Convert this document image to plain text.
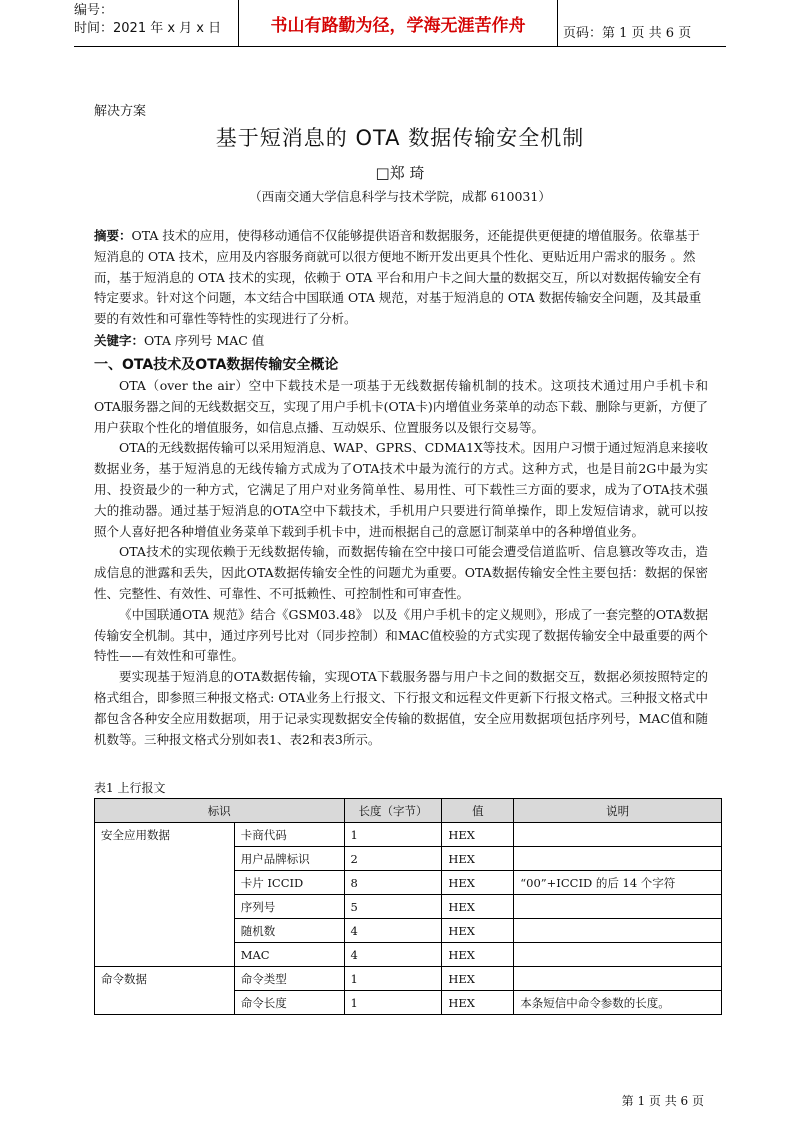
编号：
时间：2021 年 x 月 x 日	书山有路勤为径，学海无涯苦作舟	页码：第 1 页 共 6 页
解决方案
基于短消息的 OTA 数据传输安全机制
□郑 琦
（西南交通大学信息科学与技术学院，成都 610031）
摘要：OTA 技术的应用，使得移动通信不仅能够提供语音和数据服务，还能提供更便捷的增值服务。依靠基于短消息的 OTA 技术，应用及内容服务商就可以很方便地不断开发出更具个性化、更贴近用户需求的服务 。然而，基于短消息的 OTA 技术的实现，依赖于 OTA 平台和用户卡之间大量的数据交互，所以对数据传输安全有特定要求。针对这个问题，本文结合中国联通 OTA 规范，对基于短消息的 OTA 数据传输安全问题，及其最重要的有效性和可靠性等特性的实现进行了分析。
关键字：OTA 序列号 MAC 值
一、OTA技术及OTA数据传输安全概论

OTA（over the air）空中下载技术是一项基于无线数据传输机制的技术。这项技术通过用户手机卡和OTA服务器之间的无线数据交互，实现了用户手机卡(OTA卡)内增值业务菜单的动态下载、删除与更新，方便了用户获取个性化的增值服务，如信息点播、互动娱乐、位置服务以及银行交易等。

OTA的无线数据传输可以采用短消息、WAP、GPRS、CDMA1X等技术。因用户习惯于通过短消息来接收数据业务，基于短消息的无线传输方式成为了OTA技术中最为流行的方式。这种方式，也是目前2G中最为实用、投资最少的一种方式，它满足了用户对业务简单性、易用性、可下载性三方面的要求，成为了OTA技术强大的推动器。通过基于短消息的OTA空中下载技术，手机用户只要进行简单操作，即上发短信请求，就可以按照个人喜好把各种增值业务菜单下载到手机卡中，进而根据自己的意愿订制菜单中的各种增值业务。

OTA技术的实现依赖于无线数据传输，而数据传输在空中接口可能会遭受信道监听、信息篡改等攻击，造成信息的泄露和丢失，因此OTA数据传输安全性的问题尤为重要。OTA数据传输安全性主要包括：数据的保密性、完整性、有效性、可靠性、不可抵赖性、可控制性和可审查性。

《中国联通OTA 规范》结合《GSM03.48》 以及《用户手机卡的定义规则》，形成了一套完整的OTA数据传输安全机制。其中，通过序列号比对（同步控制）和MAC值校验的方式实现了数据传输安全中最重要的两个特性——有效性和可靠性。

要实现基于短消息的OTA数据传输，实现OTA下载服务器与用户卡之间的数据交互，数据必须按照特定的格式组合，即参照三种报文格式: OTA业务上行报文、下行报文和远程文件更新下行报文格式。三种报文格式中都包含各种安全应用数据项，用于记录实现数据安全传输的数据值，安全应用数据项包括序列号，MAC值和随机数等。三种报文格式分别如表1、表2和表3所示。

表1 上行报文
标识		长度（字节）	值	说明
安全应用数据	卡商代码	1	HEX	
	用户品牌标识	2	HEX	
	卡片 ICCID	8	HEX	“00”+ICCID 的后 14 个字符
	序列号	5	HEX	
	随机数	4	HEX	
	MAC	4	HEX	
命令数据	命令类型	1	HEX	
	命令长度	1	HEX	本条短信中命令参数的长度。
第 1 页 共 6 页
